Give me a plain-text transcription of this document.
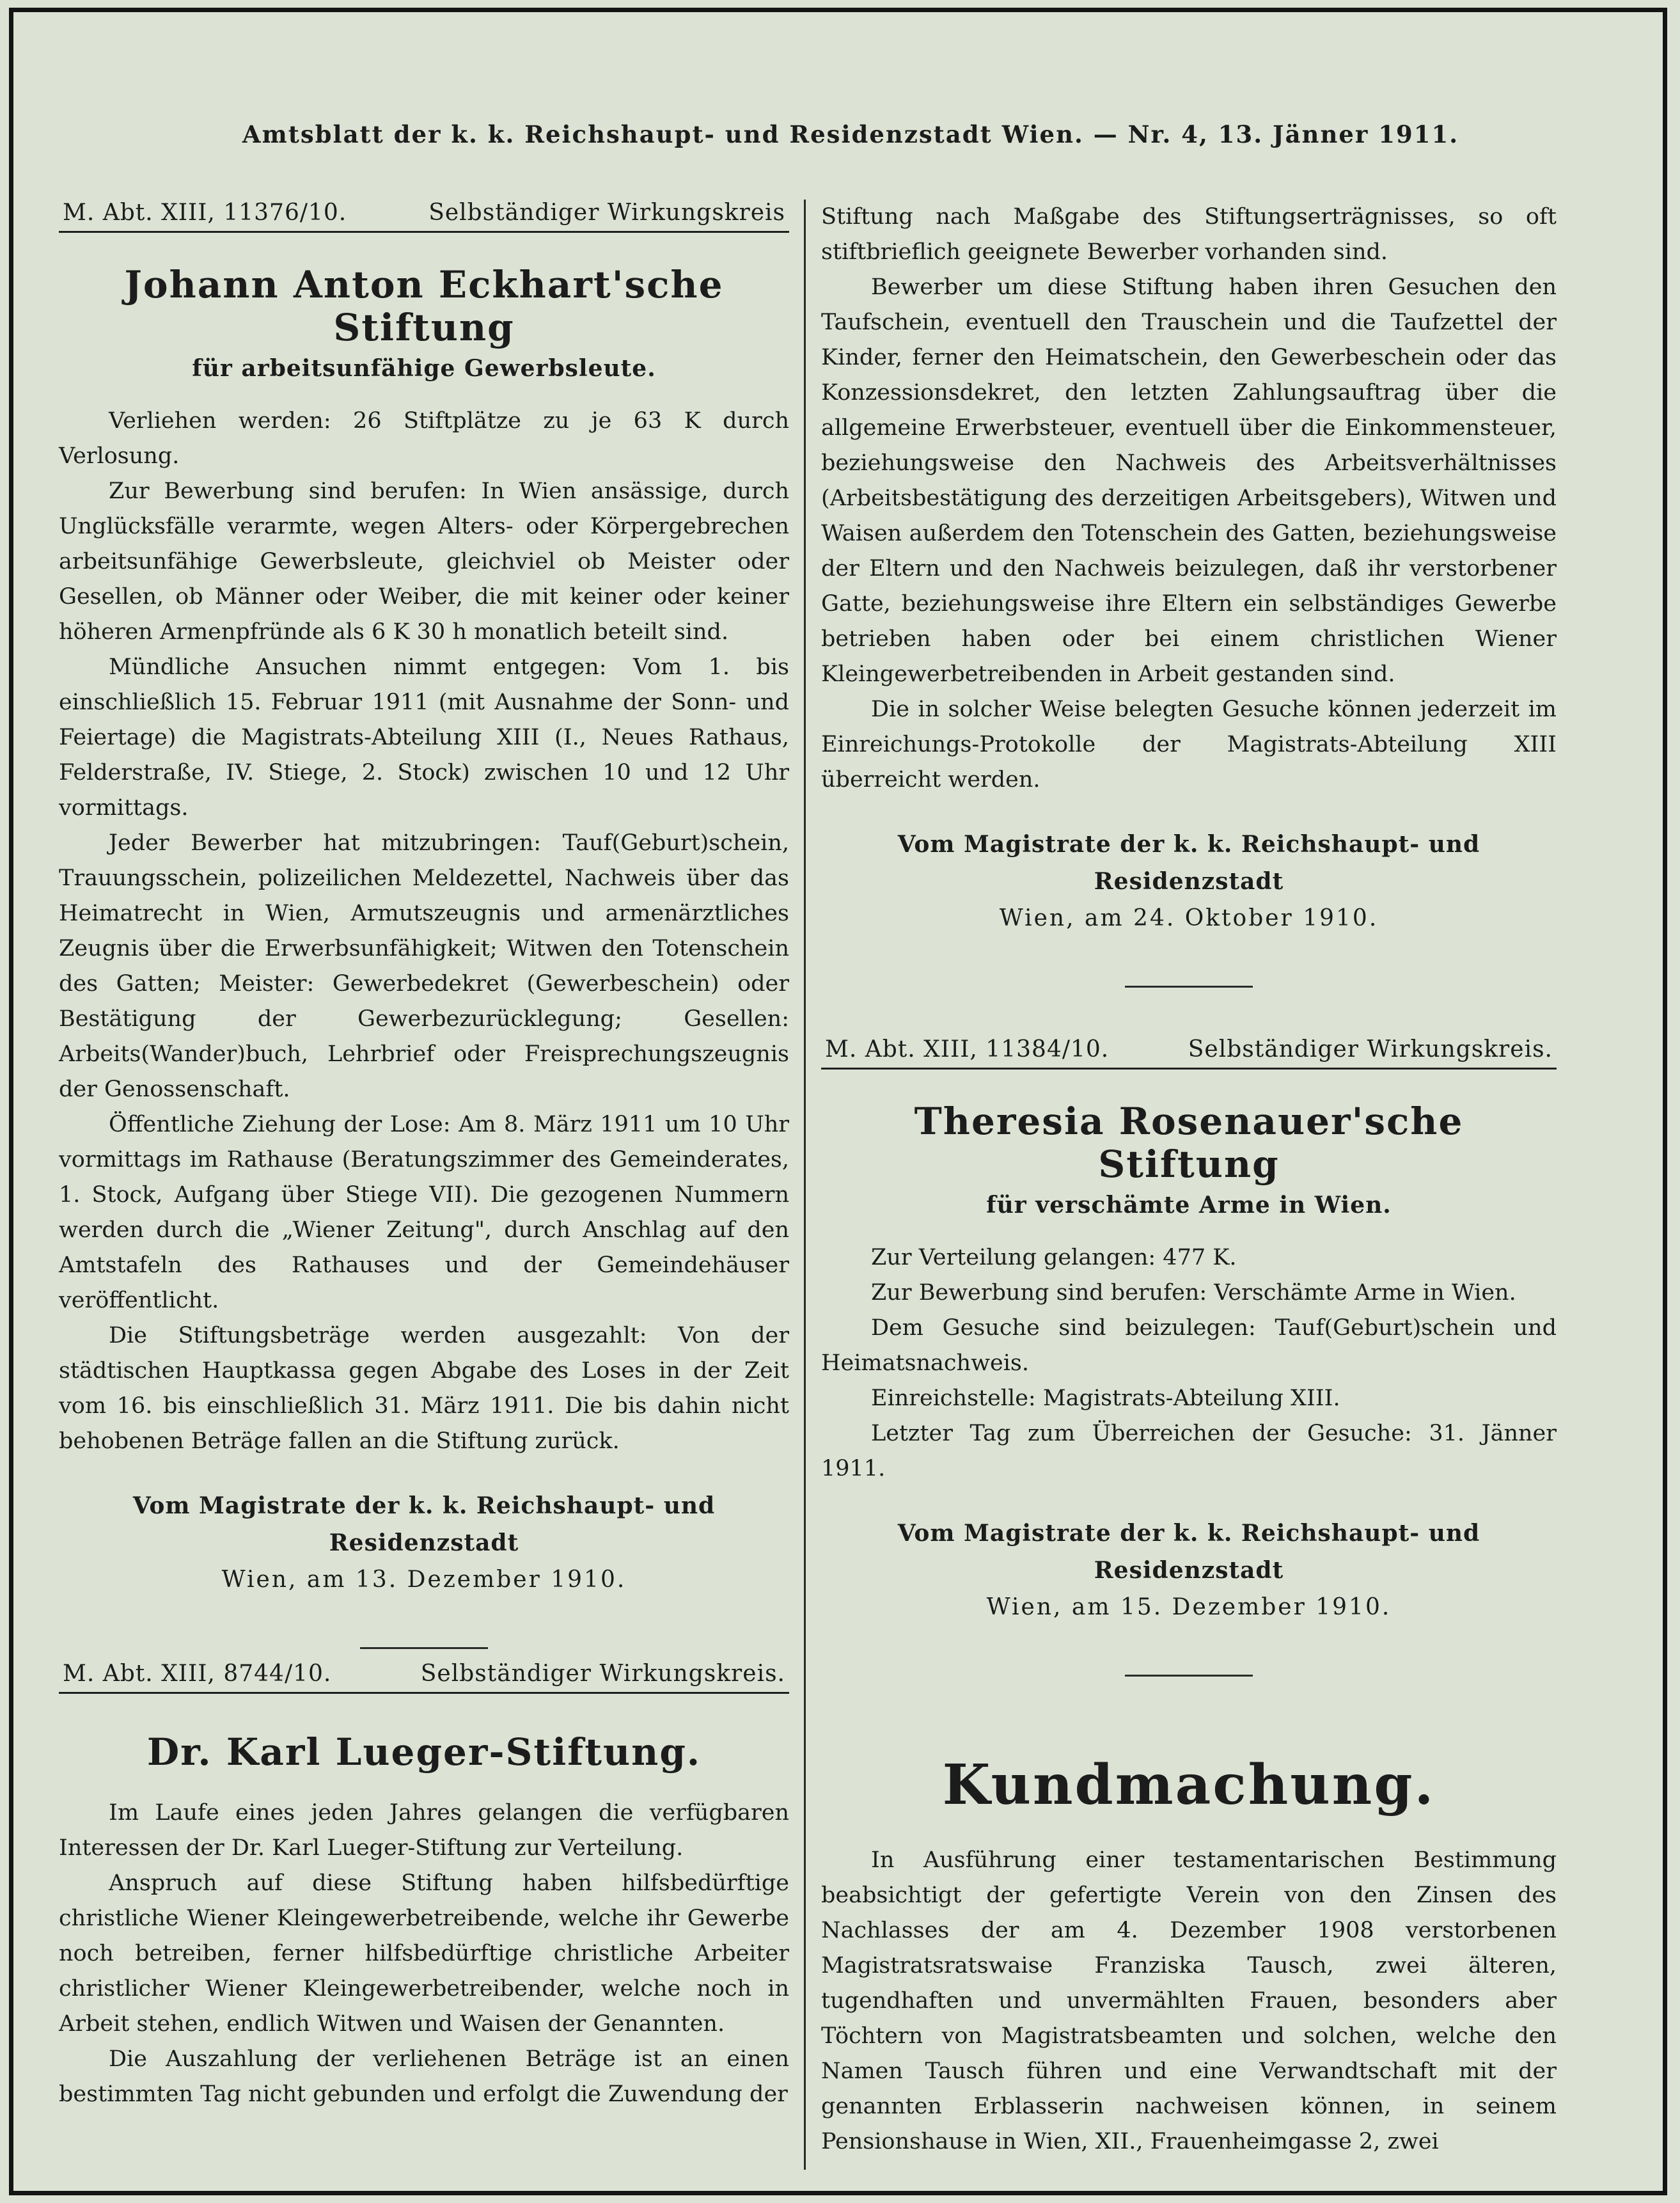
Amtsblatt der k. k. Reichshaupt- und Residenzstadt Wien. — Nr. 4, 13. Jänner 1911.
M. Abt. XIII, 11376/10.	Selbständiger Wirkungskreis
Johann Anton Eckhart'sche Stiftung
für arbeitsunfähige Gewerbsleute.

Verliehen werden: 26 Stiftplätze zu je 63 K durch Verlosung.

Zur Bewerbung sind berufen: In Wien ansässige, durch Unglücksfälle verarmte, wegen Alters- oder Körpergebrechen arbeitsunfähige Gewerbsleute, gleichviel ob Meister oder Gesellen, ob Männer oder Weiber, die mit keiner oder keiner höheren Armenpfründe als 6 K 30 h monatlich beteilt sind.

Mündliche Ansuchen nimmt entgegen: Vom 1. bis einschließlich 15. Februar 1911 (mit Ausnahme der Sonn- und Feiertage) die Magistrats-Abteilung XIII (I., Neues Rathaus, Felderstraße, IV. Stiege, 2. Stock) zwischen 10 und 12 Uhr vormittags.

Jeder Bewerber hat mitzubringen: Tauf(Geburt)schein, Trauungsschein, polizeilichen Meldezettel, Nachweis über das Heimatrecht in Wien, Armutszeugnis und armenärztliches Zeugnis über die Erwerbsunfähigkeit; Witwen den Totenschein des Gatten; Meister: Gewerbedekret (Gewerbeschein) oder Bestätigung der Gewerbezurücklegung; Gesellen: Arbeits(Wander)buch, Lehrbrief oder Freisprechungszeugnis der Genossenschaft.

Öffentliche Ziehung der Lose: Am 8. März 1911 um 10 Uhr vormittags im Rathause (Beratungszimmer des Gemeinderates, 1. Stock, Aufgang über Stiege VII). Die gezogenen Nummern werden durch die „Wiener Zeitung", durch Anschlag auf den Amtstafeln des Rathauses und der Gemeindehäuser veröffentlicht.

Die Stiftungsbeträge werden ausgezahlt: Von der städtischen Hauptkassa gegen Abgabe des Loses in der Zeit vom 16. bis einschließlich 31. März 1911. Die bis dahin nicht behobenen Beträge fallen an die Stiftung zurück.

Vom Magistrate der k. k. Reichshaupt- und Residenzstadt
Wien, am 13. Dezember 1910.
M. Abt. XIII, 8744/10.	Selbständiger Wirkungskreis.
Dr. Karl Lueger-Stiftung.

Im Laufe eines jeden Jahres gelangen die verfügbaren Interessen der Dr. Karl Lueger-Stiftung zur Verteilung.

Anspruch auf diese Stiftung haben hilfsbedürftige christliche Wiener Kleingewerbetreibende, welche ihr Gewerbe noch betreiben, ferner hilfsbedürftige christliche Arbeiter christlicher Wiener Kleingewerbetreibender, welche noch in Arbeit stehen, endlich Witwen und Waisen der Genannten.

Die Auszahlung der verliehenen Beträge ist an einen bestimmten Tag nicht gebunden und erfolgt die Zuwendung der

Stiftung nach Maßgabe des Stiftungserträgnisses, so oft stiftbrieflich geeignete Bewerber vorhanden sind.

Bewerber um diese Stiftung haben ihren Gesuchen den Taufschein, eventuell den Trauschein und die Taufzettel der Kinder, ferner den Heimatschein, den Gewerbeschein oder das Konzessionsdekret, den letzten Zahlungsauftrag über die allgemeine Erwerbsteuer, eventuell über die Einkommensteuer, beziehungsweise den Nachweis des Arbeitsverhältnisses (Arbeitsbestätigung des derzeitigen Arbeitsgebers), Witwen und Waisen außerdem den Totenschein des Gatten, beziehungsweise der Eltern und den Nachweis beizulegen, daß ihr verstorbener Gatte, beziehungsweise ihre Eltern ein selbständiges Gewerbe betrieben haben oder bei einem christlichen Wiener Kleingewerbetreibenden in Arbeit gestanden sind.

Die in solcher Weise belegten Gesuche können jederzeit im Einreichungs-Protokolle der Magistrats-Abteilung XIII überreicht werden.

Vom Magistrate der k. k. Reichshaupt- und Residenzstadt
Wien, am 24. Oktober 1910.
M. Abt. XIII, 11384/10.	Selbständiger Wirkungskreis.
Theresia Rosenauer'sche Stiftung
für verschämte Arme in Wien.

Zur Verteilung gelangen: 477 K.

Zur Bewerbung sind berufen: Verschämte Arme in Wien.

Dem Gesuche sind beizulegen: Tauf(Geburt)schein und Heimatsnachweis.

Einreichstelle: Magistrats-Abteilung XIII.

Letzter Tag zum Überreichen der Gesuche: 31. Jänner 1911.

Vom Magistrate der k. k. Reichshaupt- und Residenzstadt
Wien, am 15. Dezember 1910.
Kundmachung.

In Ausführung einer testamentarischen Bestimmung beabsichtigt der gefertigte Verein von den Zinsen des Nachlasses der am 4. Dezember 1908 verstorbenen Magistratsratswaise Franziska Tausch, zwei älteren, tugendhaften und unvermählten Frauen, besonders aber Töchtern von Magistratsbeamten und solchen, welche den Namen Tausch führen und eine Verwandtschaft mit der genannten Erblasserin nachweisen können, in seinem Pensionshause in Wien, XII., Frauenheimgasse 2, zwei
